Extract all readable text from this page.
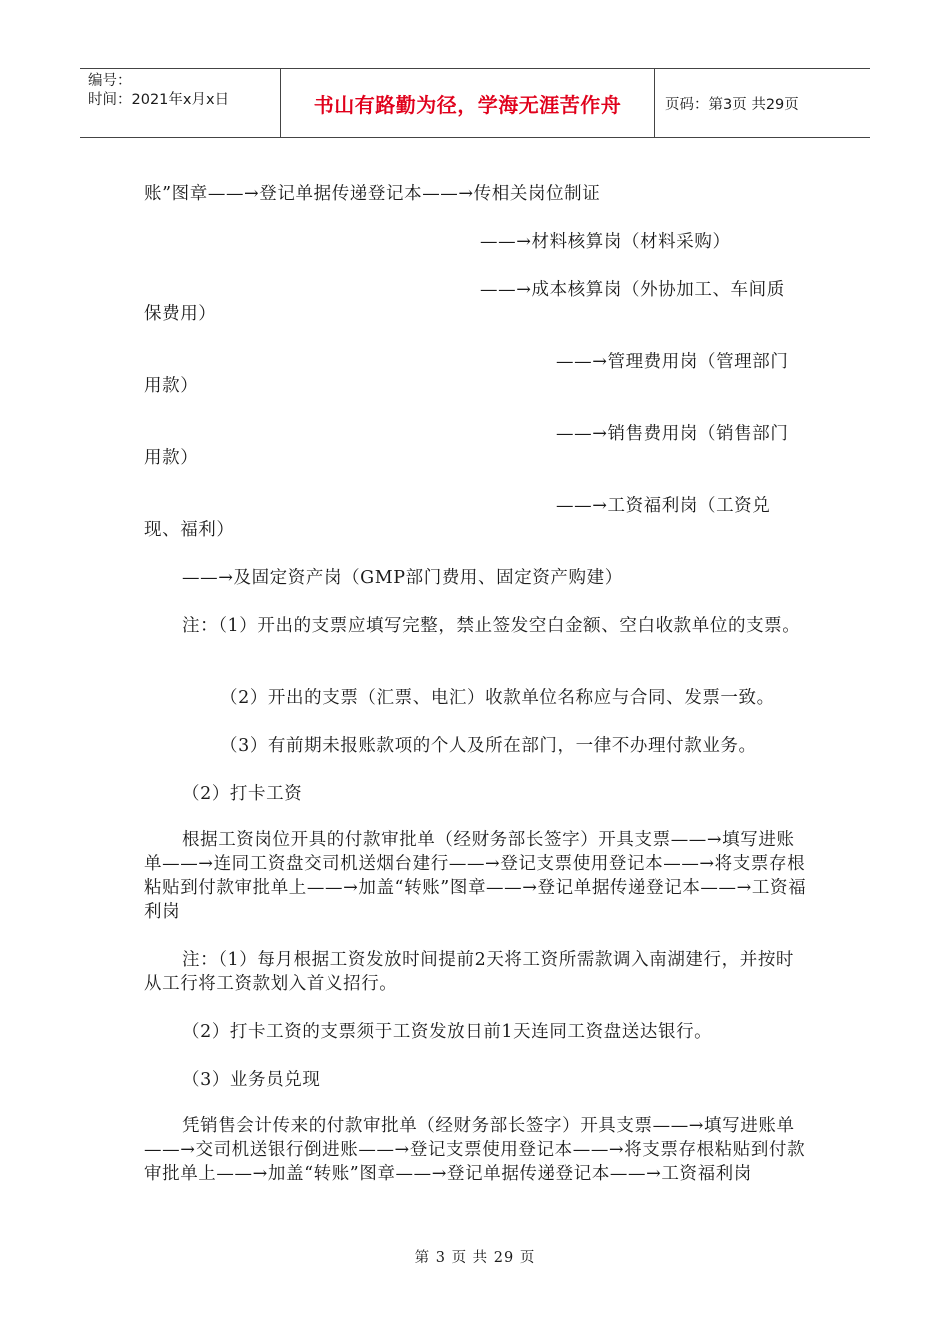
编号：
时间：2021年x月x日	书山有路勤为径，学海无涯苦作舟	页码：第3页 共29页

账”图章——→登记单据传递登记本——→传相关岗位制证

——→材料核算岗（材料采购）

——→成本核算岗（外协加工、车间质

保费用）

——→管理费用岗（管理部门

用款）

——→销售费用岗（销售部门

用款）

——→工资福利岗（工资兑

现、福利）

——→及固定资产岗（GMP部门费用、固定资产购建）

注：（1）开出的支票应填写完整，禁止签发空白金额、空白收款单位的支票。

（2）开出的支票（汇票、电汇）收款单位名称应与合同、发票一致。

（3）有前期未报账款项的个人及所在部门，一律不办理付款业务。

（2）打卡工资

根据工资岗位开具的付款审批单（经财务部长签字）开具支票——→填写进账单——→连同工资盘交司机送烟台建行——→登记支票使用登记本——→将支票存根粘贴到付款审批单上——→加盖“转账”图章——→登记单据传递登记本——→工资福利岗

注：（1）每月根据工资发放时间提前2天将工资所需款调入南湖建行，并按时从工行将工资款划入首义招行。

（2）打卡工资的支票须于工资发放日前1天连同工资盘送达银行。

（3）业务员兑现

凭销售会计传来的付款审批单（经财务部长签字）开具支票——→填写进账单——→交司机送银行倒进账——→登记支票使用登记本——→将支票存根粘贴到付款审批单上——→加盖“转账”图章——→登记单据传递登记本——→工资福利岗

第 3 页 共 29 页
